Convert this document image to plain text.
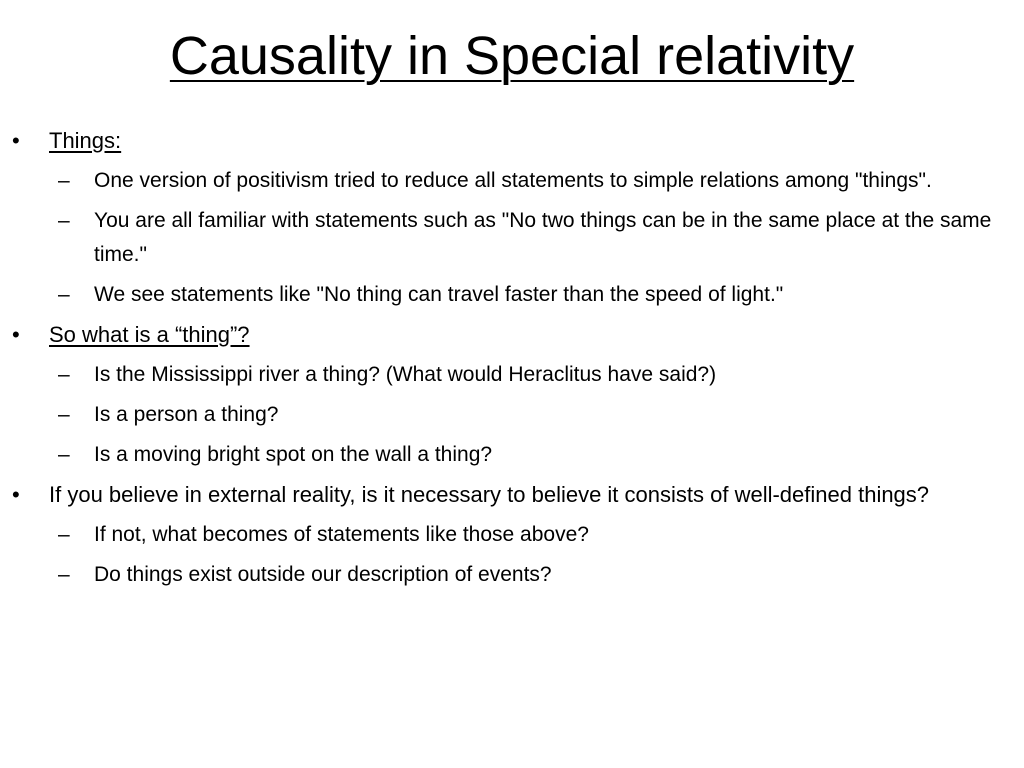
Causality in Special relativity
•	Things:
–	One version of positivism tried to reduce all statements to simple relations among "things".
–	You are all familiar with statements such as "No two things can be in the same place at the same time."
–	We see statements like "No thing can travel faster than the speed of light."
•	So what is a “thing”?
–	Is the Mississippi river a thing? (What would Heraclitus have said?)
–	Is a person a thing?
–	Is a moving bright spot on the wall a thing?
•	If you believe in external reality, is it necessary to believe it consists of well-defined things?
–	If not, what becomes of statements like those above?
–	Do things exist outside our description of events?
